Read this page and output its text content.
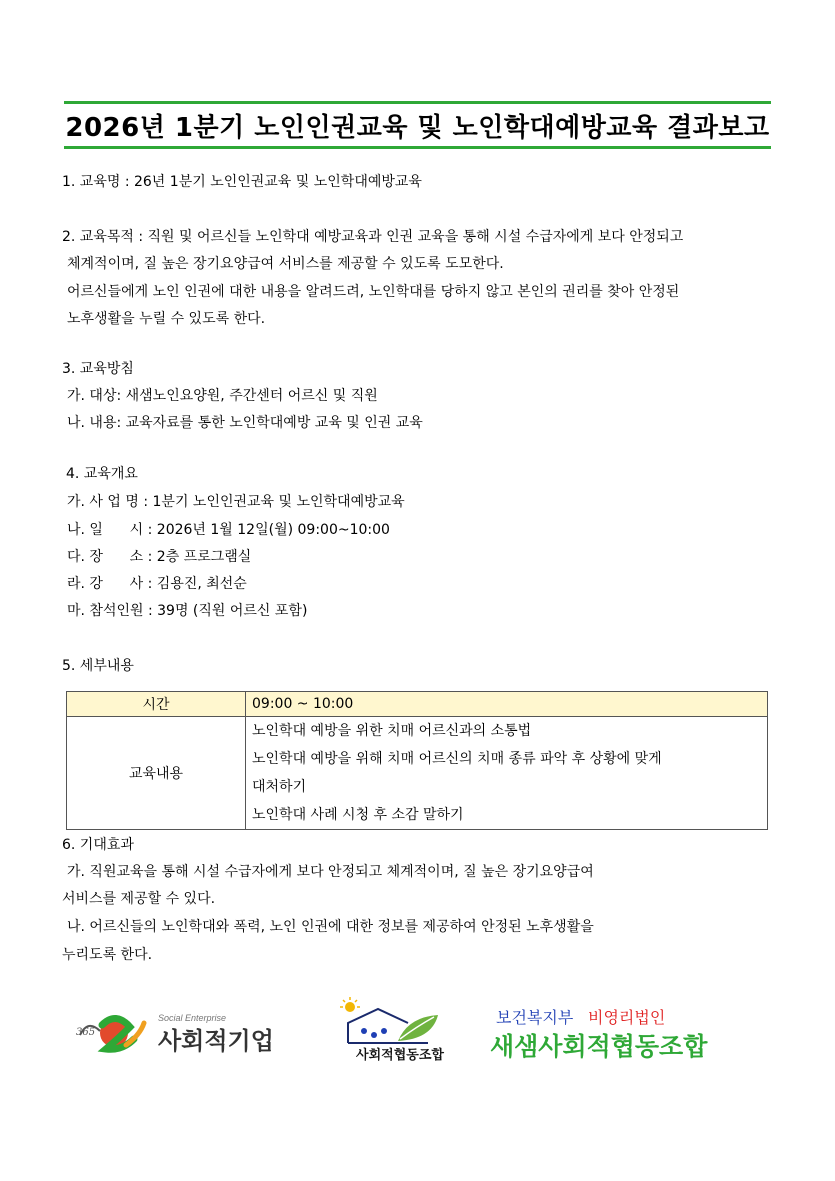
2026년 1분기 노인인권교육 및 노인학대예방교육 결과보고
1. 교육명 : 26년 1분기 노인인권교육 및 노인학대예방교육
2. 교육목적 : 직원 및 어르신들 노인학대 예방교육과 인권 교육을 통해 시설 수급자에게 보다 안정되고
체계적이며, 질 높은 장기요양급여 서비스를 제공할 수 있도록 도모한다.
어르신들에게 노인 인권에 대한 내용을 알려드려, 노인학대를 당하지 않고 본인의 권리를 찾아 안정된
노후생활을 누릴 수 있도록 한다.
3. 교육방침
가. 대상: 새샘노인요양원, 주간센터 어르신 및 직원
나. 내용: 교육자료를 통한 노인학대예방 교육 및 인권 교육
4. 교육개요
가. 사 업 명 : 1분기 노인인권교육 및 노인학대예방교육
나. 일      시 : 2026년 1월 12일(월) 09:00~10:00
다. 장      소 : 2층 프로그램실
라. 강      사 : 김용진, 최선순
마. 참석인원 : 39명 (직원 어르신 포함)
5. 세부내용
시간	09:00 ~ 10:00
교육내용	노인학대 예방을 위한 치매 어르신과의 소통법
노인학대 예방을 위해 치매 어르신의 치매 종류 파악 후 상황에 맞게
대처하기
노인학대 사례 시청 후 소감 말하기
6. 기대효과
가. 직원교육을 통해 시설 수급자에게 보다 안정되고 체계적이며, 질 높은 장기요양급여
서비스를 제공할 수 있다.
나. 어르신들의 노인학대와 폭력, 노인 인권에 대한 정보를 제공하여 안정된 노후생활을
누리도록 한다.
365
Social Enterprise
사회적기업
사회적협동조합
보건복지부 비영리법인
새샘사회적협동조합
